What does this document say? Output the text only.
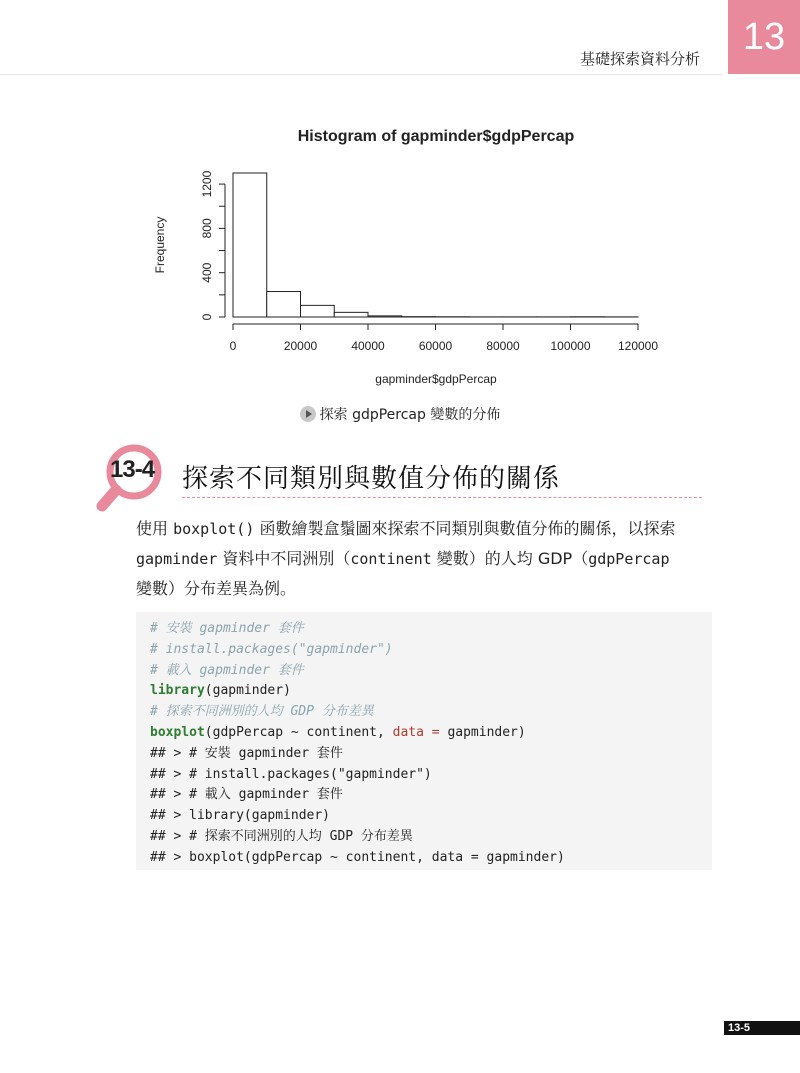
基礎探索資料分析
13
Histogram of gapminder$gdpPercap
0	20000	40000	60000	80000	100000 120000
gapminder$gdpPercap
0
400
800
1200
Frequency
探索 gdpPercap 變數的分佈
13-4 探索不同類別與數值分佈的關係
使用 boxplot() 函數繪製盒鬚圖來探索不同類別與數值分佈的關係，以探索
gapminder 資料中不同洲別（continent 變數）的人均 GDP（gdpPercap
變數）分布差異為例。
# 安裝 gapminder 套件
# install.packages("gapminder")
# 載入 gapminder 套件
library(gapminder)
# 探索不同洲別的人均 GDP 分布差異
boxplot(gdpPercap ~ continent, data = gapminder)
## > # 安裝 gapminder 套件
## > # install.packages("gapminder")
## > # 載入 gapminder 套件
## > library(gapminder)
## > # 探索不同洲別的人均 GDP 分布差異
## > boxplot(gdpPercap ~ continent, data = gapminder)
13-5
